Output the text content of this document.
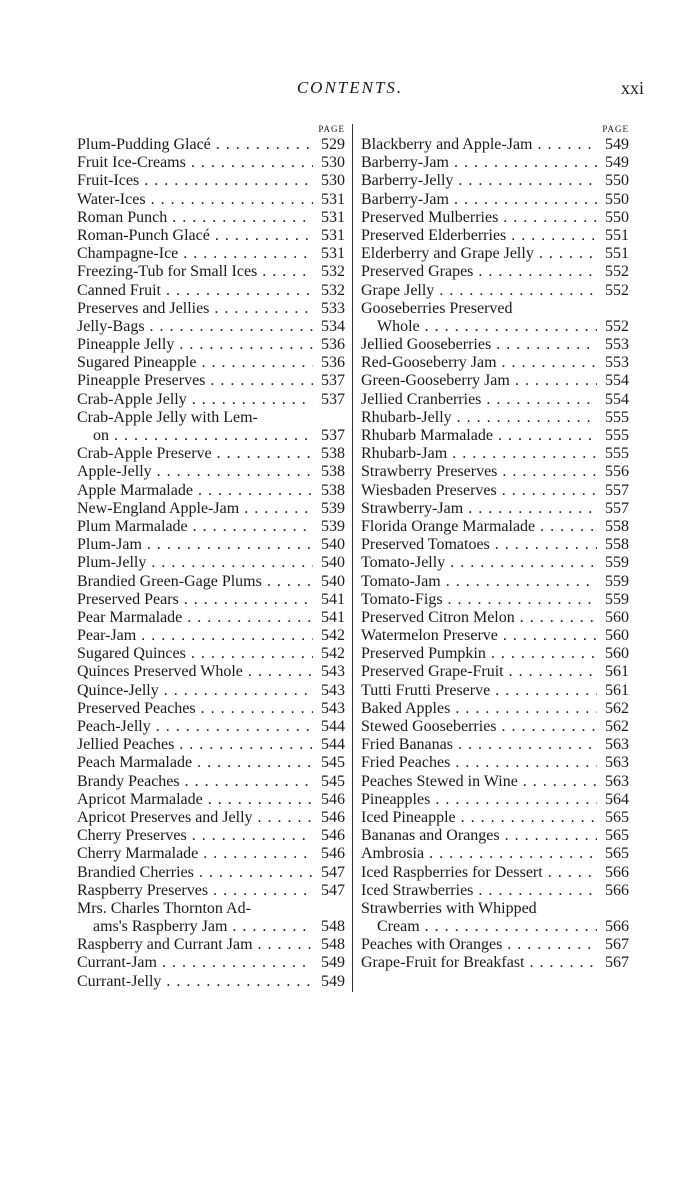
CONTENTS.	xxi
PAGE
Plum-Pudding Glacé . . .	529
Fruit Ice-Creams . . .	530
Fruit-Ices . . .	530
Water-Ices . . .	531
Roman Punch . . .	531
Roman-Punch Glacé . . .	531
Champagne-Ice . . .	531
Freezing-Tub for Small Ices . . .	532
Canned Fruit . . .	532
Preserves and Jellies . . .	533
Jelly-Bags . . .	534
Pineapple Jelly . . .	536
Sugared Pineapple . . .	536
Pineapple Preserves . . .	537
Crab-Apple Jelly . . .	537
Crab-Apple Jelly with Lem-
on . . .	537
Crab-Apple Preserve . . .	538
Apple-Jelly . . .	538
Apple Marmalade . . .	538
New-England Apple-Jam . . .	539
Plum Marmalade . . .	539
Plum-Jam . . .	540
Plum-Jelly . . .	540
Brandied Green-Gage Plums . . .	540
Preserved Pears . . .	541
Pear Marmalade . . .	541
Pear-Jam . . .	542
Sugared Quinces . . .	542
Quinces Preserved Whole . . .	543
Quince-Jelly . . .	543
Preserved Peaches . . .	543
Peach-Jelly . . .	544
Jellied Peaches . . .	544
Peach Marmalade . . .	545
Brandy Peaches . . .	545
Apricot Marmalade . . .	546
Apricot Preserves and Jelly . . .	546
Cherry Preserves . . .	546
Cherry Marmalade . . .	546
Brandied Cherries . . .	547
Raspberry Preserves . . .	547
Mrs. Charles Thornton Ad-
ams's Raspberry Jam . . .	548
Raspberry and Currant Jam . . .	548
Currant-Jam . . .	549
Currant-Jelly . . .	549
PAGE
Blackberry and Apple-Jam . . .	549
Barberry-Jam . . .	549
Barberry-Jelly . . .	550
Barberry-Jam . . .	550
Preserved Mulberries . . .	550
Preserved Elderberries . . .	551
Elderberry and Grape Jelly . . .	551
Preserved Grapes . . .	552
Grape Jelly . . .	552
Gooseberries Preserved
Whole . . .	552
Jellied Gooseberries . . .	553
Red-Gooseberry Jam . . .	553
Green-Gooseberry Jam . . .	554
Jellied Cranberries . . .	554
Rhubarb-Jelly . . .	555
Rhubarb Marmalade . . .	555
Rhubarb-Jam . . .	555
Strawberry Preserves . . .	556
Wiesbaden Preserves . . .	557
Strawberry-Jam . . .	557
Florida Orange Marmalade . . .	558
Preserved Tomatoes . . .	558
Tomato-Jelly . . .	559
Tomato-Jam . . .	559
Tomato-Figs . . .	559
Preserved Citron Melon . . .	560
Watermelon Preserve . . .	560
Preserved Pumpkin . . .	560
Preserved Grape-Fruit . . .	561
Tutti Frutti Preserve . . .	561
Baked Apples . . .	562
Stewed Gooseberries . . .	562
Fried Bananas . . .	563
Fried Peaches . . .	563
Peaches Stewed in Wine . . .	563
Pineapples . . .	564
Iced Pineapple . . .	565
Bananas and Oranges . . .	565
Ambrosia . . .	565
Iced Raspberries for Dessert . . .	566
Iced Strawberries . . .	566
Strawberries with Whipped
Cream . . .	566
Peaches with Oranges . . .	567
Grape-Fruit for Breakfast . . .	567
